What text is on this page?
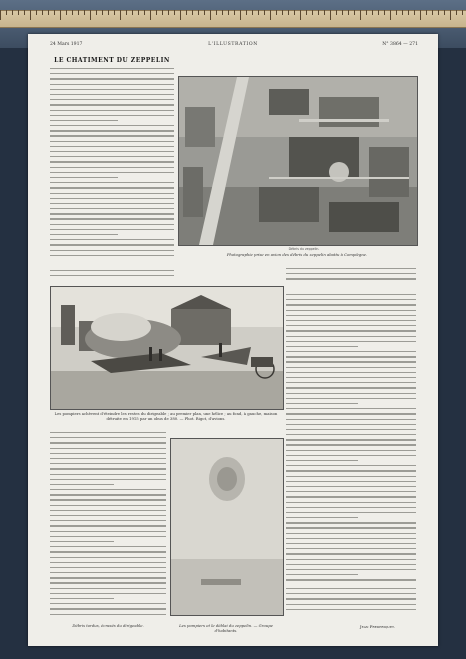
24 Mars 1917	L'ILLUSTRATION	N° 3864 — 271
LE CHATIMENT DU ZEPPELIN
Débris du zeppelin.
Photographie prise en avion des débris du zeppelin abattu à Compiègne.
Les pompiers achèvent d'éteindre les restes du dirigeable ; au premier plan, une hélice ; au fond, à gauche, maison détruite en 1915 par un obus de 380. — Phot. Rigot, d'avions.
Débris tordus, écrasés du dirigeable.	Les pompiers et le déblai du zeppelin. — Groupe d'habitants.
Jean Frederiquet.
